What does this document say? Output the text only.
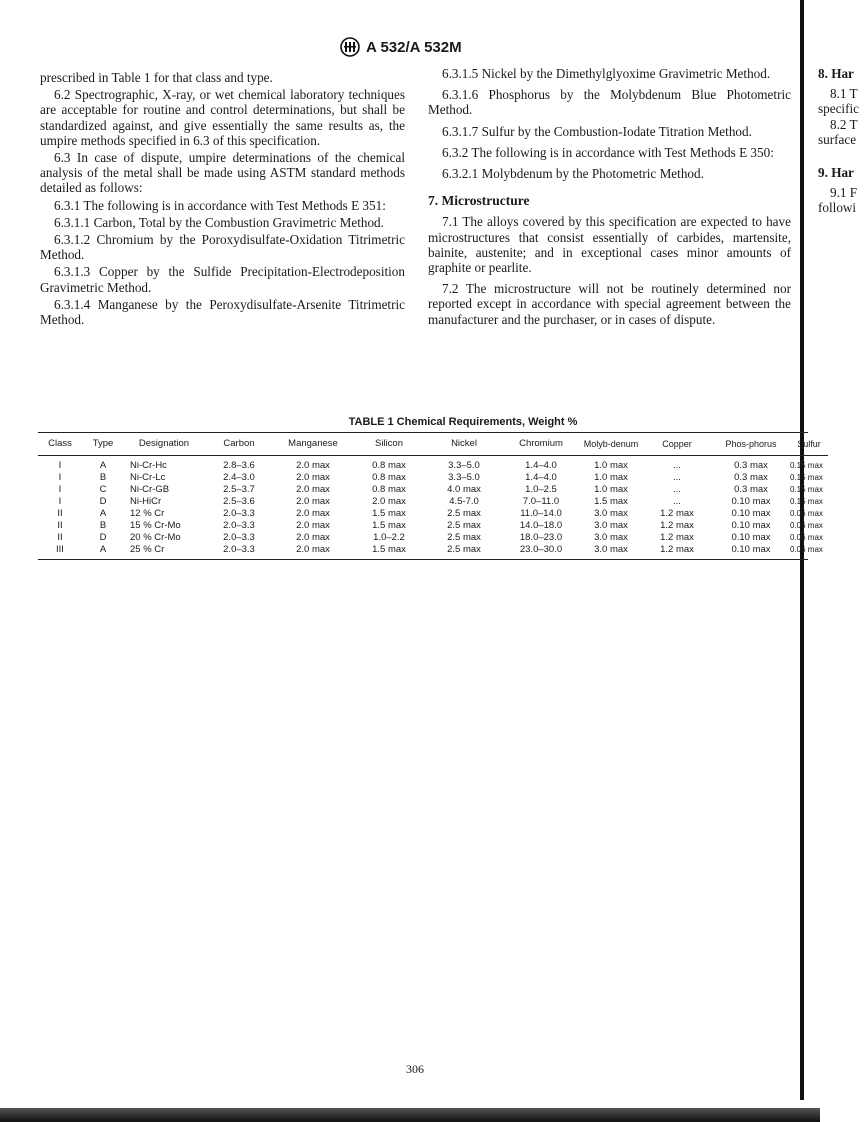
A 532/A 532M

prescribed in Table 1 for that class and type.

6.2 Spectrographic, X-ray, or wet chemical laboratory techniques are acceptable for routine and control determinations, but shall be standardized against, and give essentially the same results as, the umpire methods specified in 6.3 of this specification.

6.3 In case of dispute, umpire determinations of the chemical analysis of the metal shall be made using ASTM standard methods detailed as follows:

6.3.1 The following is in accordance with Test Methods E 351:

6.3.1.1 Carbon, Total by the Combustion Gravimetric Method.

6.3.1.2 Chromium by the Poroxydisulfate-Oxidation Titrimetric Method.

6.3.1.3 Copper by the Sulfide Precipitation-Electrodeposition Gravimetric Method.

6.3.1.4 Manganese by the Peroxydisulfate-Arsenite Titrimetric Method.

6.3.1.5 Nickel by the Dimethylglyoxime Gravimetric Method.

6.3.1.6 Phosphorus by the Molybdenum Blue Photometric Method.

6.3.1.7 Sulfur by the Combustion-Iodate Titration Method.

6.3.2 The following is in accordance with Test Methods E 350:

6.3.2.1 Molybdenum by the Photometric Method.

7. Microstructure

7.1 The alloys covered by this specification are expected to have microstructures that consist essentially of carbides, martensite, bainite, austenite; and in exceptional cases minor amounts of graphite or pearlite.

7.2 The microstructure will not be routinely determined nor reported except in accordance with special agreement between the manufacturer and the purchaser, or in cases of dispute.

8. Har
8.1 T
specific
8.2 T
surface
9. Har
9.1 F
followi
TABLE 1 Chemical Requirements, Weight %
Class	Type	Designation	Carbon	Manganese	Silicon	Nickel	Chromium	Molyb-denum	Copper	Phos-phorus	Sulfur
I	A	Ni-Cr-Hc	2.8–3.6	2.0 max	0.8 max	3.3–5.0	1.4–4.0	1.0 max	...	0.3 max	0.15 max
I	B	Ni-Cr-Lc	2.4–3.0	2.0 max	0.8 max	3.3–5.0	1.4–4.0	1.0 max	...	0.3 max	0.15 max
I	C	Ni-Cr-GB	2.5–3.7	2.0 max	0.8 max	4.0 max	1.0–2.5	1.0 max	...	0.3 max	0.15 max
I	D	Ni-HiCr	2.5–3.6	2.0 max	2.0 max	4.5-7.0	7.0–11.0	1.5 max	...	0.10 max	0.15 max
II	A	12 % Cr	2.0–3.3	2.0 max	1.5 max	2.5 max	11.0–14.0	3.0 max	1.2 max	0.10 max	0.06 max
II	B	15 % Cr-Mo	2.0–3.3	2.0 max	1.5 max	2.5 max	14.0–18.0	3.0 max	1.2 max	0.10 max	0.06 max
II	D	20 % Cr-Mo	2.0–3.3	2.0 max	1.0–2.2	2.5 max	18.0–23.0	3.0 max	1.2 max	0.10 max	0.06 max
III	A	25 % Cr	2.0–3.3	2.0 max	1.5 max	2.5 max	23.0–30.0	3.0 max	1.2 max	0.10 max	0.06 max
306
